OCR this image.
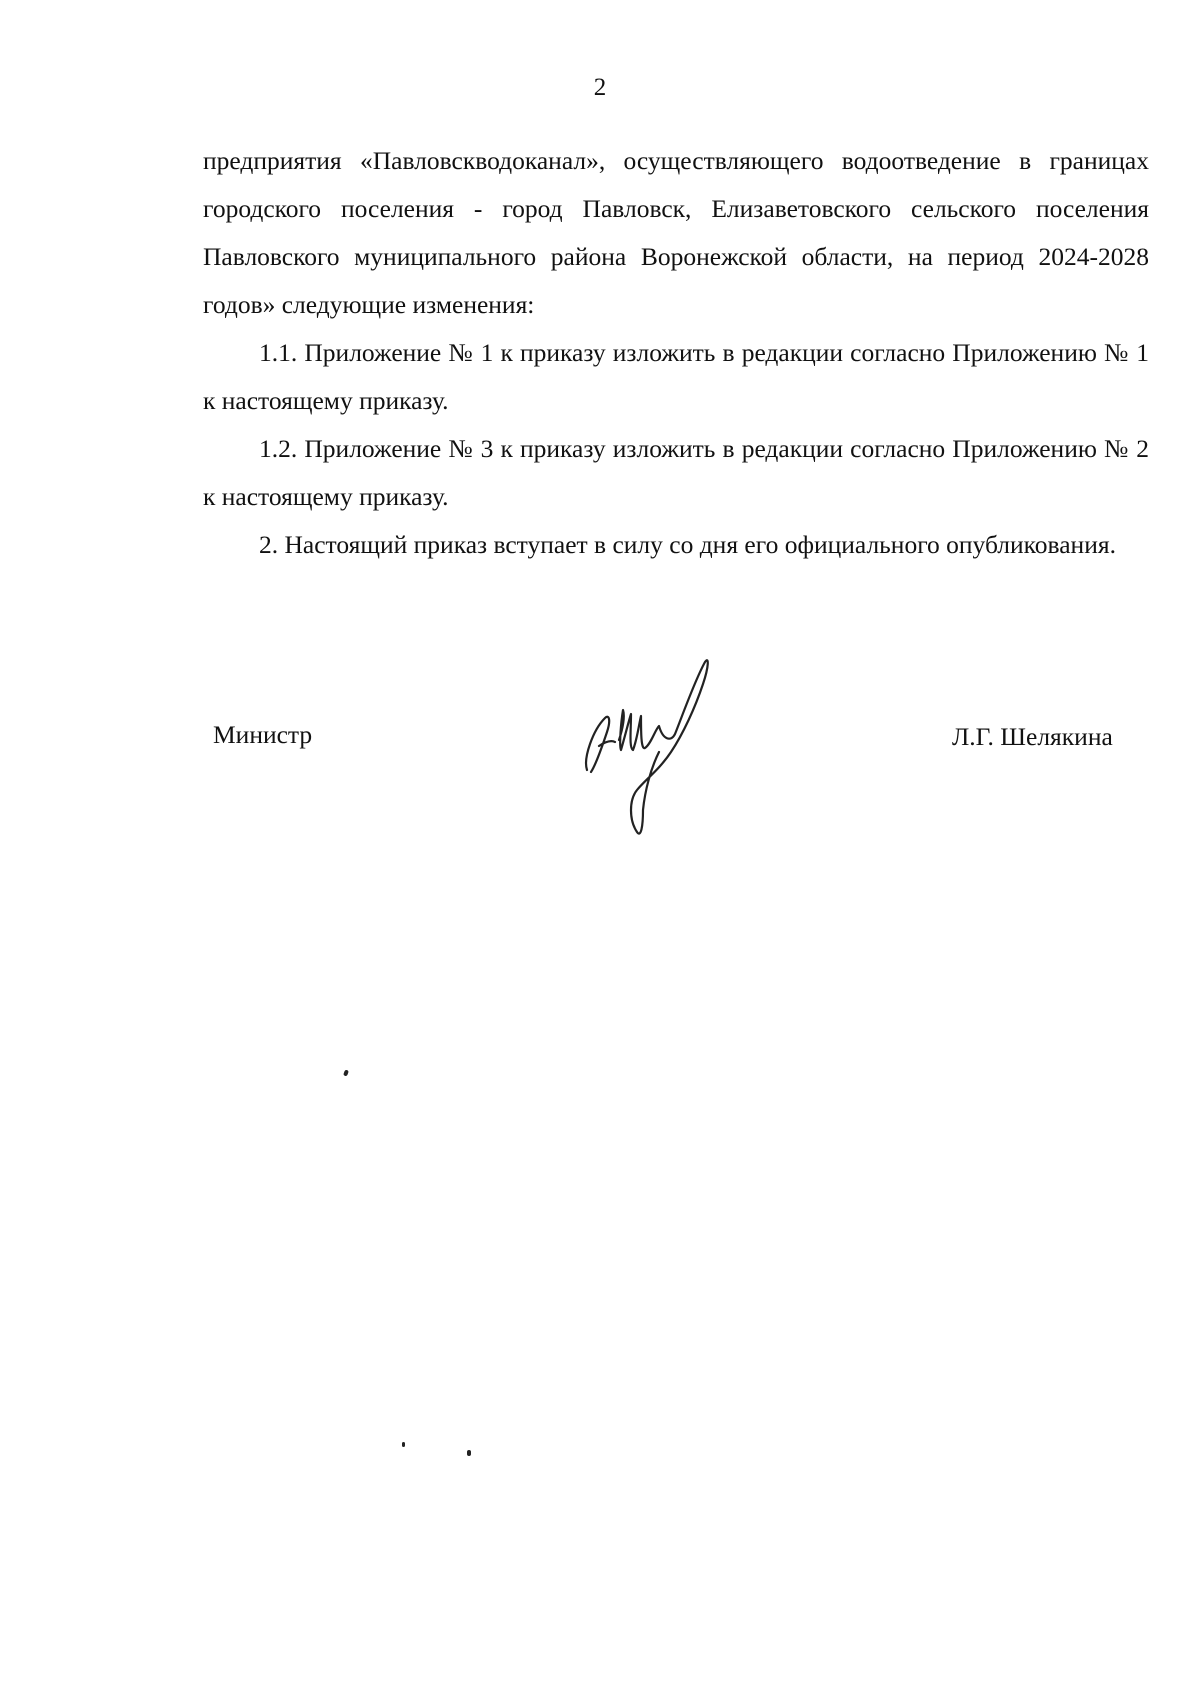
2

предприятия «Павловскводоканал», осуществляющего водоотведение в границах городского поселения - город Павловск, Елизаветовского сельского поселения Павловского муниципального района Воронежской области, на период 2024-2028 годов» следующие изменения:

1.1. Приложение № 1 к приказу изложить в редакции согласно Приложению № 1 к настоящему приказу.

1.2. Приложение № 3 к приказу изложить в редакции согласно Приложению № 2 к настоящему приказу.

2. Настоящий приказ вступает в силу со дня его официального опубликования.

Министр	Л.Г. Шелякина
